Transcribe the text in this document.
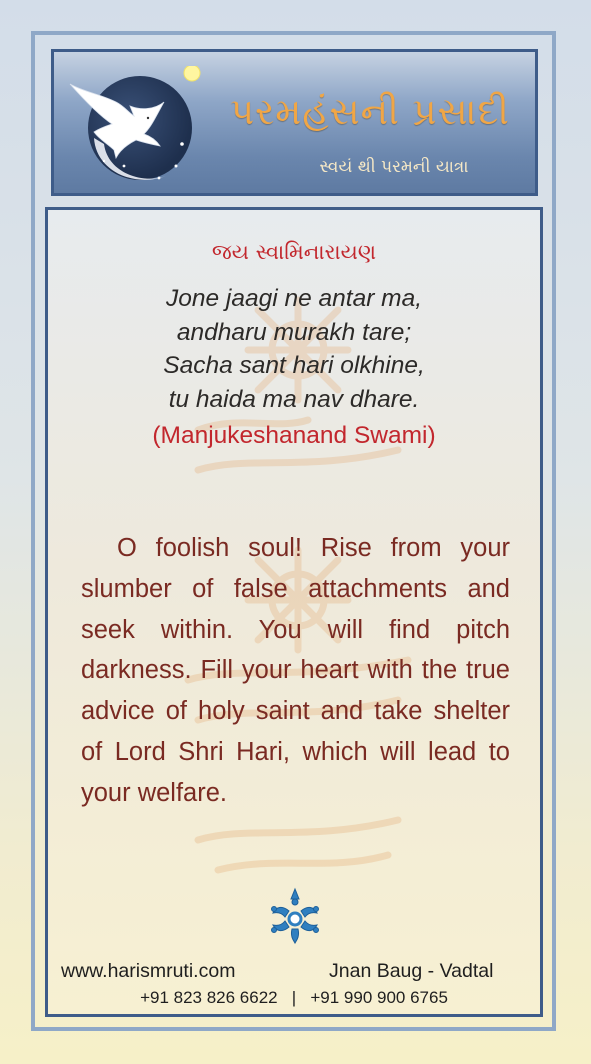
પરમહંસની પ્રસાદી
સ્વયં થી પરમની યાત્રા
જય સ્વામિનારાયણ
Jone jaagi ne antar ma,
andharu murakh tare;
Sacha sant hari olkhine,
tu haida ma nav dhare.
(Manjukeshanand Swami)

O foolish soul! Rise from your slumber of false attachments and seek within. You will find pitch darkness. Fill your heart with the true advice of holy saint and take shelter of Lord Shri Hari, which will lead to your welfare.

www.harismruti.com	Jnan Baug - Vadtal
+91 823 826 6622   |   +91 990 900 6765
